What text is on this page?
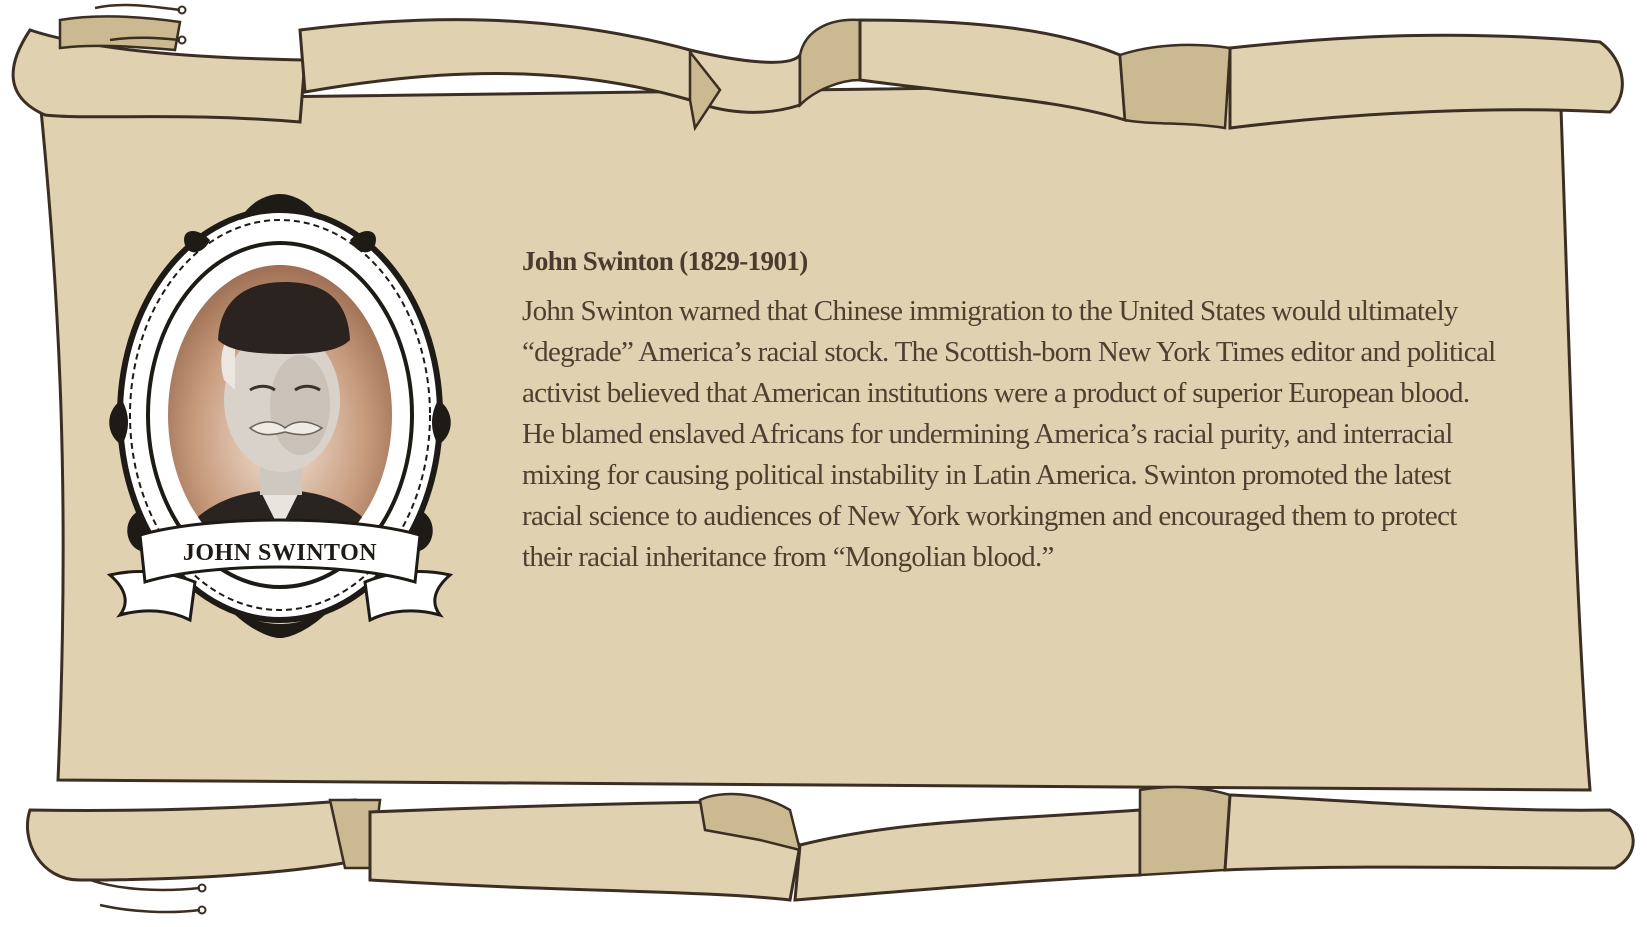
JOHN SWINTON
John Swinton (1829-1901)

John Swinton warned that Chinese immigration to the United States would ultimately “degrade” America’s racial stock. The Scottish-born New York Times editor and political activist believed that American institutions were a product of superior European blood. He blamed enslaved Africans for undermining America’s racial purity, and interracial mixing for causing political instability in Latin America. Swinton promoted the latest racial science to audiences of New York workingmen and encouraged them to protect their racial inheritance from “Mongolian blood.”
